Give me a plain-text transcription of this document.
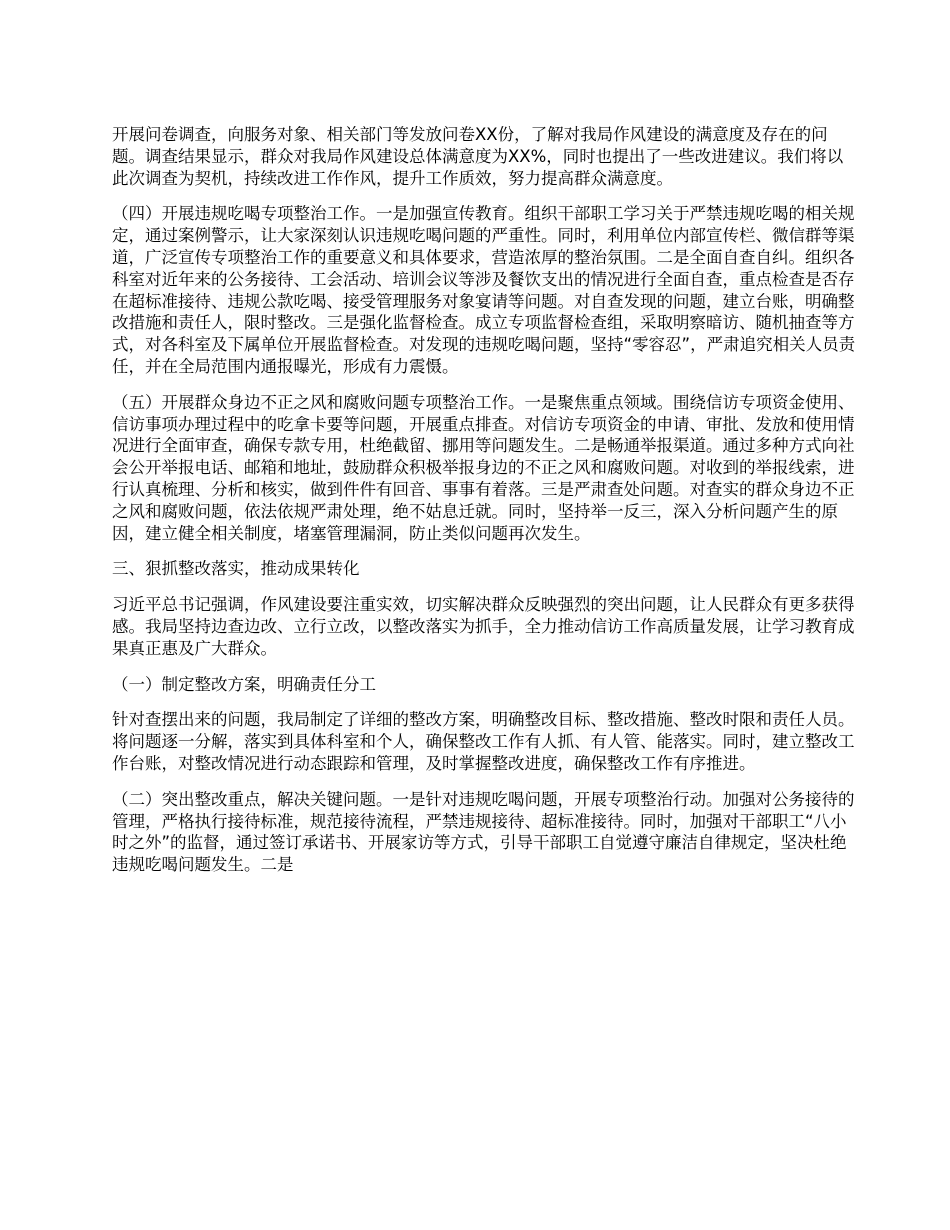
开展问卷调查，向服务对象、相关部门等发放问卷XX份，了解对我局作风建设的满意度及存在的问题。调查结果显示，群众对我局作风建设总体满意度为XX%，同时也提出了一些改进建议。我们将以此次调查为契机，持续改进工作作风，提升工作质效，努力提高群众满意度。

（四）开展违规吃喝专项整治工作。一是加强宣传教育。组织干部职工学习关于严禁违规吃喝的相关规定，通过案例警示，让大家深刻认识违规吃喝问题的严重性。同时，利用单位内部宣传栏、微信群等渠道，广泛宣传专项整治工作的重要意义和具体要求，营造浓厚的整治氛围。二是全面自查自纠。组织各科室对近年来的公务接待、工会活动、培训会议等涉及餐饮支出的情况进行全面自查，重点检查是否存在超标准接待、违规公款吃喝、接受管理服务对象宴请等问题。对自查发现的问题，建立台账，明确整改措施和责任人，限时整改。三是强化监督检查。成立专项监督检查组，采取明察暗访、随机抽查等方式，对各科室及下属单位开展监督检查。对发现的违规吃喝问题，坚持“零容忍”，严肃追究相关人员责任，并在全局范围内通报曝光，形成有力震慑。

（五）开展群众身边不正之风和腐败问题专项整治工作。一是聚焦重点领域。围绕信访专项资金使用、信访事项办理过程中的吃拿卡要等问题，开展重点排查。对信访专项资金的申请、审批、发放和使用情况进行全面审查，确保专款专用，杜绝截留、挪用等问题发生。二是畅通举报渠道。通过多种方式向社会公开举报电话、邮箱和地址，鼓励群众积极举报身边的不正之风和腐败问题。对收到的举报线索，进行认真梳理、分析和核实，做到件件有回音、事事有着落。三是严肃查处问题。对查实的群众身边不正之风和腐败问题，依法依规严肃处理，绝不姑息迁就。同时，坚持举一反三，深入分析问题产生的原因，建立健全相关制度，堵塞管理漏洞，防止类似问题再次发生。

三、狠抓整改落实，推动成果转化

习近平总书记强调，作风建设要注重实效，切实解决群众反映强烈的突出问题，让人民群众有更多获得感。我局坚持边查边改、立行立改，以整改落实为抓手，全力推动信访工作高质量发展，让学习教育成果真正惠及广大群众。

（一）制定整改方案，明确责任分工

针对查摆出来的问题，我局制定了详细的整改方案，明确整改目标、整改措施、整改时限和责任人员。将问题逐一分解，落实到具体科室和个人，确保整改工作有人抓、有人管、能落实。同时，建立整改工作台账，对整改情况进行动态跟踪和管理，及时掌握整改进度，确保整改工作有序推进。

（二）突出整改重点，解决关键问题。一是针对违规吃喝问题，开展专项整治行动。加强对公务接待的管理，严格执行接待标准，规范接待流程，严禁违规接待、超标准接待。同时，加强对干部职工“八小时之外”的监督，通过签订承诺书、开展家访等方式，引导干部职工自觉遵守廉洁自律规定，坚决杜绝违规吃喝问题发生。二是
